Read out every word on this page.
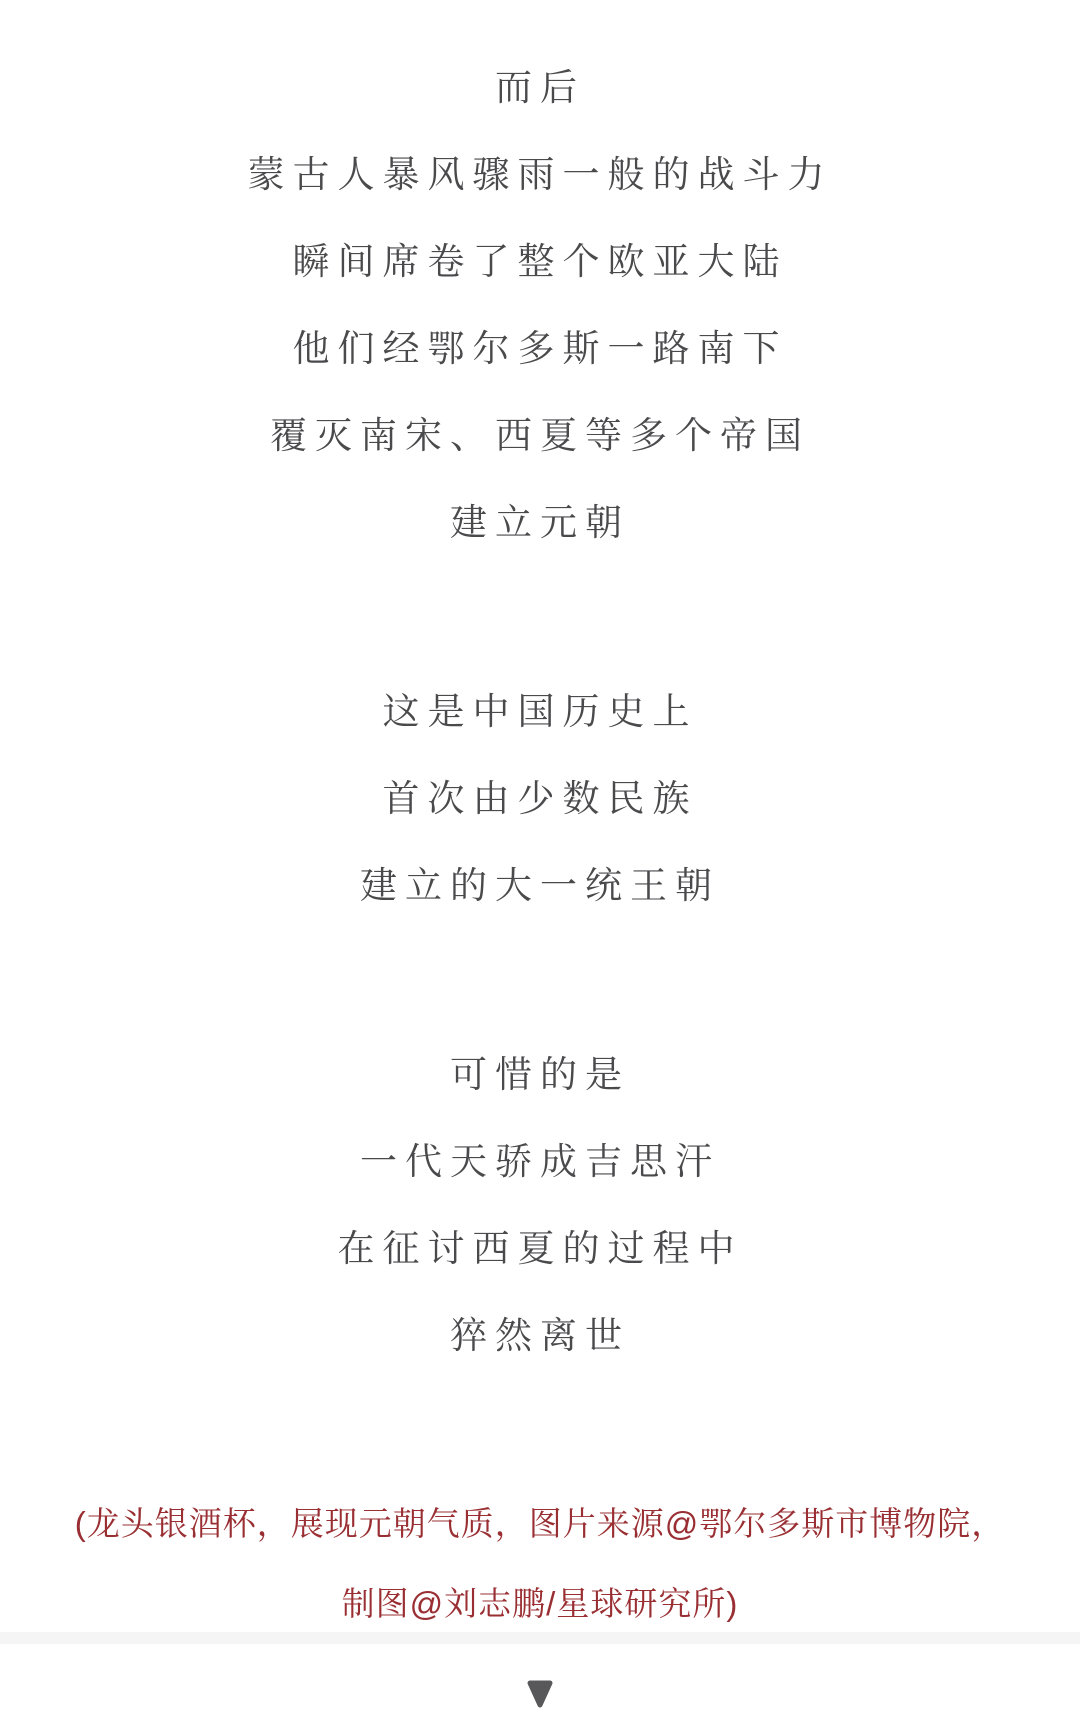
而后

蒙古人暴风骤雨一般的战斗力

瞬间席卷了整个欧亚大陆

他们经鄂尔多斯一路南下

覆灭南宋、西夏等多个帝国

建立元朝

这是中国历史上

首次由少数民族

建立的大一统王朝

可惜的是

一代天骄成吉思汗

在征讨西夏的过程中

猝然离世

(龙头银酒杯，展现元朝气质，图片来源@鄂尔多斯市博物院，

制图@刘志鹏/星球研究所)
